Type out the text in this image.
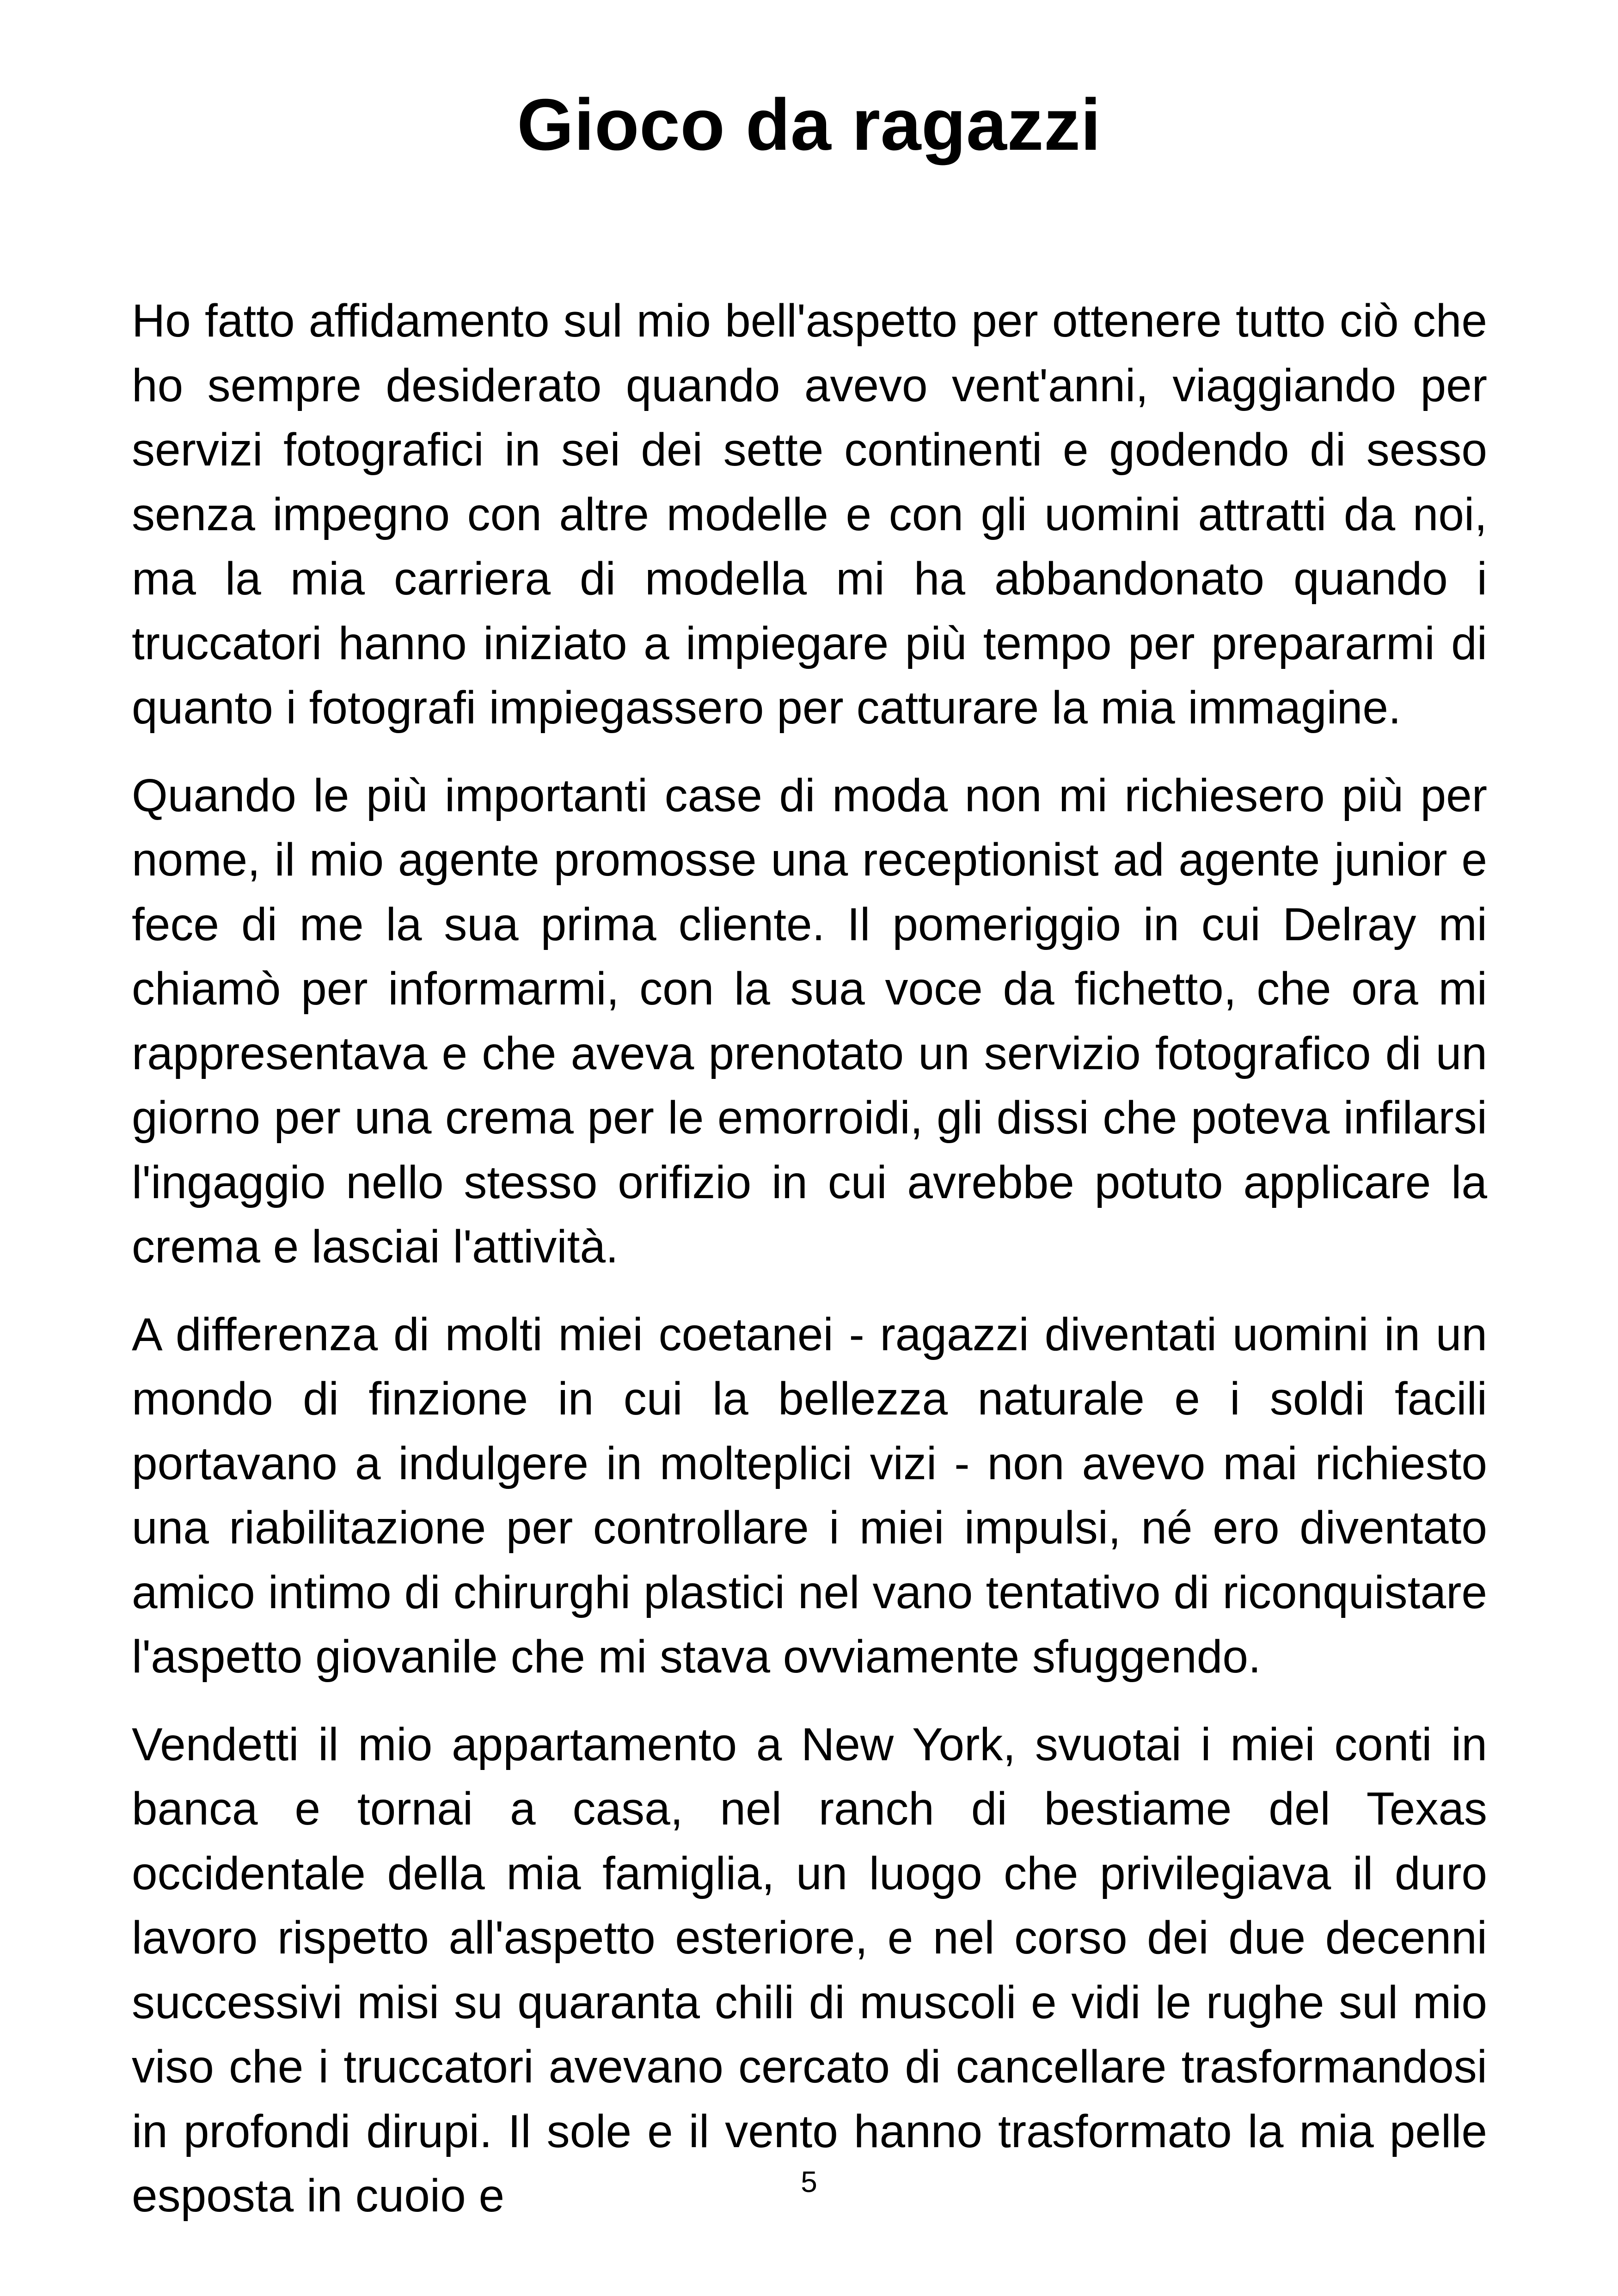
Gioco da ragazzi

Ho fatto affidamento sul mio bell'aspetto per ottenere tutto ciò che ho sempre desiderato quando avevo vent'anni, viaggiando per servizi fotografici in sei dei sette continenti e godendo di sesso senza impegno con altre modelle e con gli uomini attratti da noi, ma la mia carriera di modella mi ha abbandonato quando i truccatori hanno iniziato a impiegare più tempo per prepararmi di quanto i fotografi impiegassero per catturare la mia immagine.

Quando le più importanti case di moda non mi richiesero più per nome, il mio agente promosse una receptionist ad agente junior e fece di me la sua prima cliente. Il pomeriggio in cui Delray mi chiamò per informarmi, con la sua voce da fichetto, che ora mi rappresentava e che aveva prenotato un servizio fotografico di un giorno per una crema per le emorroidi, gli dissi che poteva infilarsi l'ingaggio nello stesso orifizio in cui avrebbe potuto applicare la crema e lasciai l'attività.

A differenza di molti miei coetanei - ragazzi diventati uomini in un mondo di finzione in cui la bellezza naturale e i soldi facili portavano a indulgere in molteplici vizi - non avevo mai richiesto una riabilitazione per controllare i miei impulsi, né ero diventato amico intimo di chirurghi plastici nel vano tentativo di riconquistare l'aspetto giovanile che mi stava ovviamente sfuggendo.

Vendetti il mio appartamento a New York, svuotai i miei conti in banca e tornai a casa, nel ranch di bestiame del Texas occidentale della mia famiglia, un luogo che privilegiava il duro lavoro rispetto all'aspetto esteriore, e nel corso dei due decenni successivi misi su quaranta chili di muscoli e vidi le rughe sul mio viso che i truccatori avevano cercato di cancellare trasformandosi in profondi dirupi. Il sole e il vento hanno trasformato la mia pelle esposta in cuoio e	5
